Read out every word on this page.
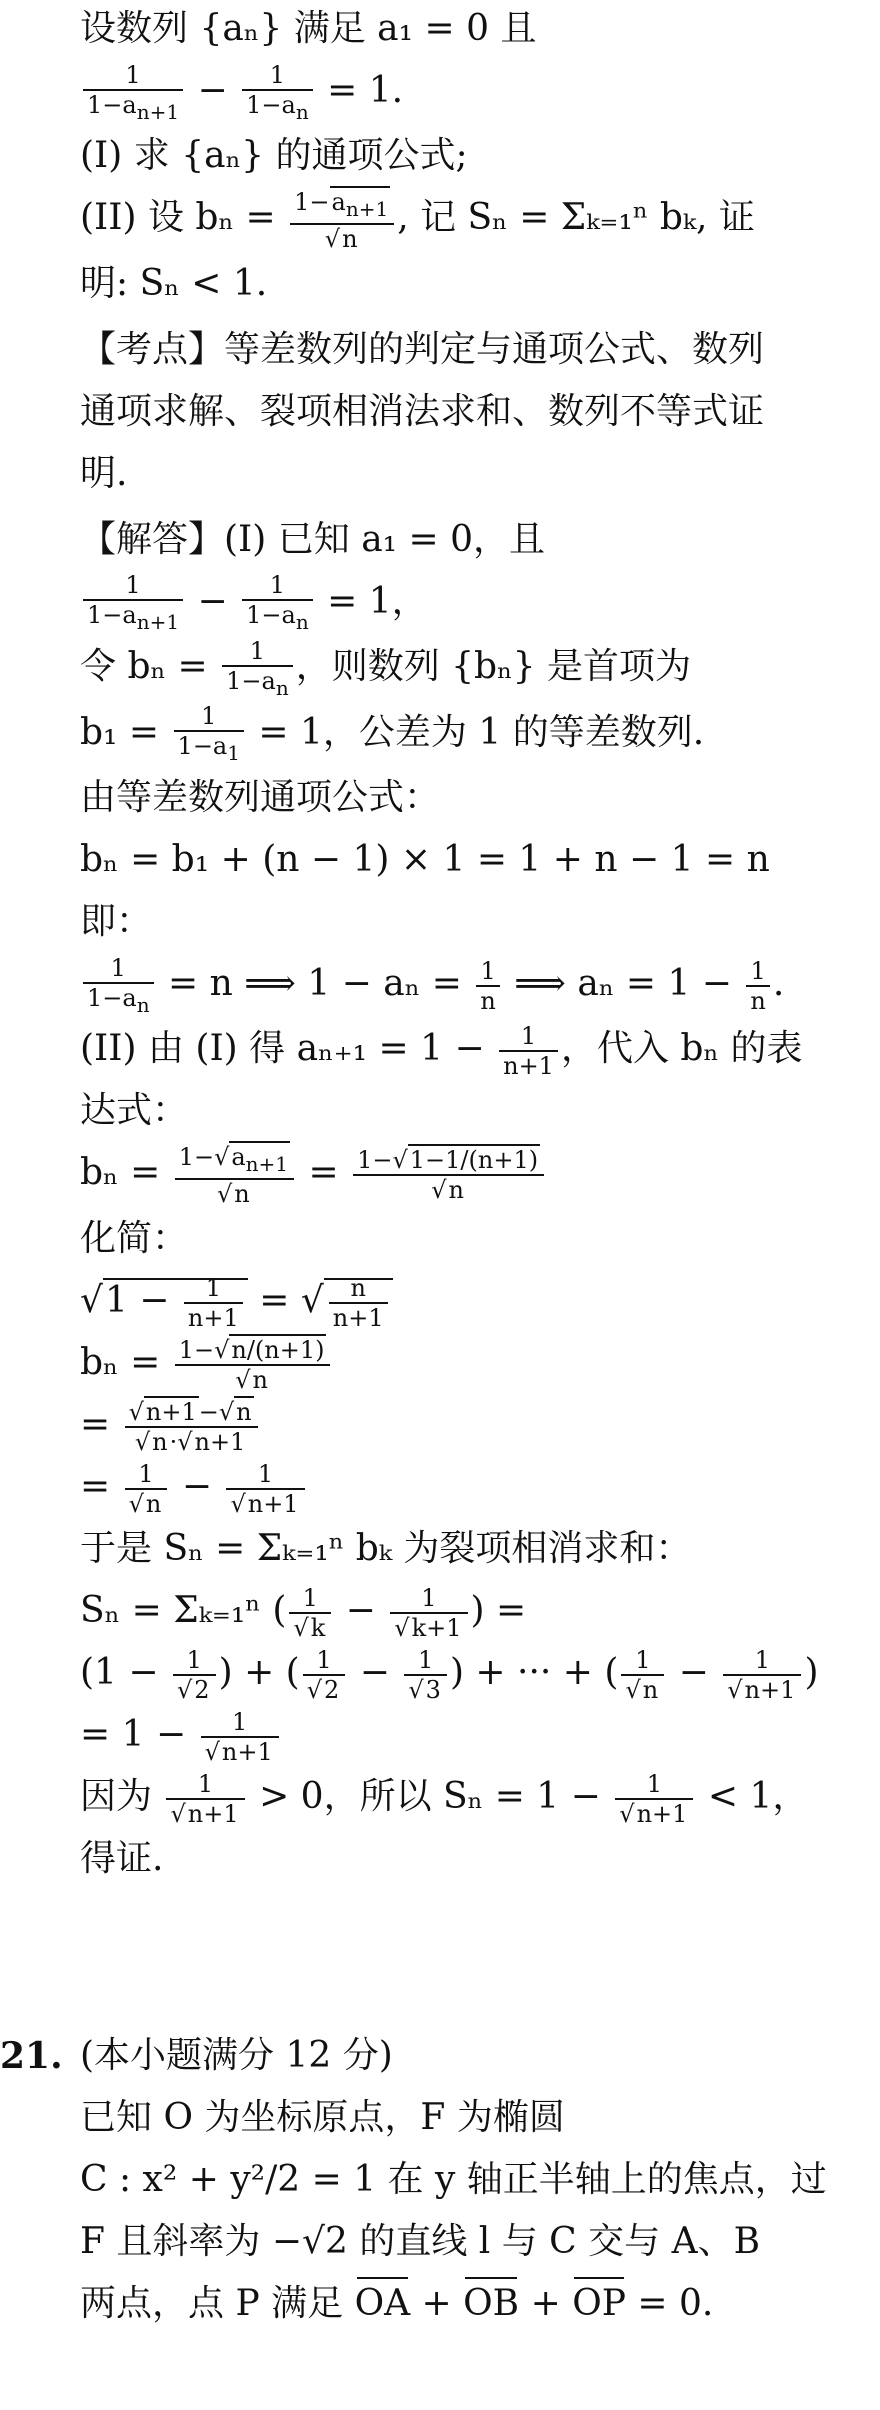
设数列 {aₙ} 满足 a₁ = 0 且
$\frac{1}{1-a_{n+1}} - \frac{1}{1-a_n} = 1$.
(I) 求 {aₙ} 的通项公式;
(II) 设 $b_n = \frac{1-a_{n+1}}{√n}$ , 记 Sₙ = Σₖ₌₁ⁿ bₖ, 证
明: Sₙ < 1.
【考点】等差数列的判定与通项公式、数列
通项求解、裂项相消法求和、数列不等式证
明.
【解答】(I) 已知 a₁ = 0，且
$\frac{1}{1-a_{n+1}} - \frac{1}{1-a_n} = 1$，
令 $b_n = \frac{1}{1-a_n}$ ，则数列 {bₙ} 是首项为
$b_1 = \frac{1}{1-a_1} = 1$，公差为 1 的等差数列.
由等差数列通项公式：
bₙ = b₁ + (n − 1) × 1 = 1 + n − 1 = n
即：
$\frac{1}{1-a_n} = n$ ⟹ $1 - a_n = \frac{1}{n}$ ⟹ $a_n = 1 - \frac{1}{n}$ .
(II) 由 (I) 得 $a_{n+1} = 1 - \frac{1}{n+1}$ ，代入 bₙ 的表
达式：
$b_n = \frac{1-√a_{n+1}}{√n} = \frac{1-√1-1/(n+1)}{√n}$
化简：
$√1 - \frac{1}{n+1}$ = √ $\frac{n}{n+1}$
$b_n = \frac{1-√n/(n+1)}{√n}$
= $\frac{√n+1-√n}{√n\cdot√n+1}$
= $\frac{1}{√n} - \frac{1}{√n+1}$
于是 Sₙ = Σₖ₌₁ⁿ bₖ 为裂项相消求和：
Sₙ = Σₖ₌₁ⁿ ( $\frac{1}{√k} - \frac{1}{√k+1}$ ) =
($1 - \frac{1}{√2}$ ) + ( $\frac{1}{√2} - \frac{1}{√3}$ ) + ··· + ( $\frac{1}{√n} - \frac{1}{√n+1}$ )
= $1 - \frac{1}{√n+1}$
因为 $\frac{1}{√n+1} > 0$，所以 $S_n = 1 - \frac{1}{√n+1} < 1$，
得证.
21. (本小题满分 12 分)
已知 O 为坐标原点，F 为椭圆
C : x² + y²/2 = 1 在 y 轴正半轴上的焦点，过
F 且斜率为 −√2 的直线 l 与 C 交与 A、B
两点，点 P 满足 OA + OB + OP = 0.
